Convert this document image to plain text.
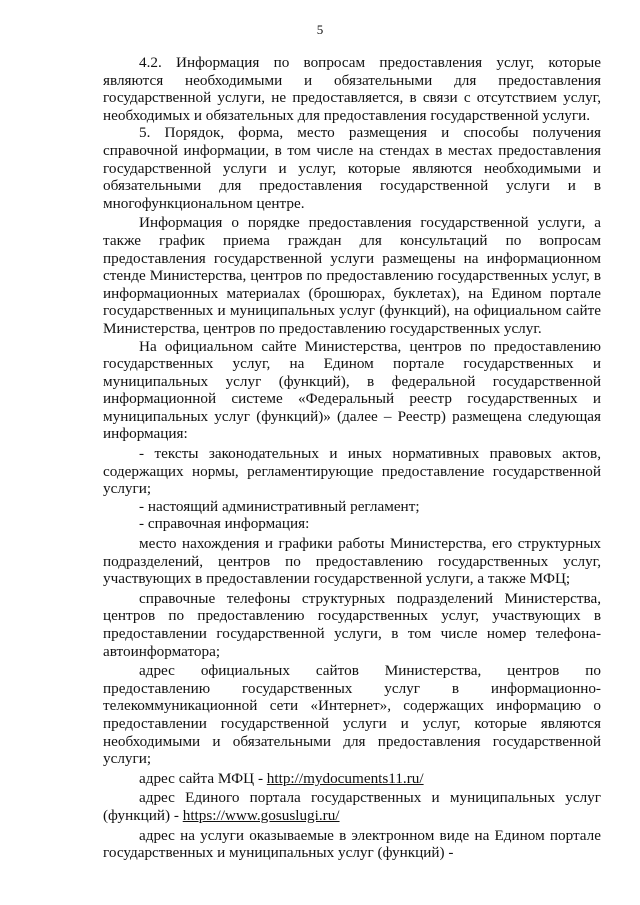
5

4.2. Информация по вопросам предоставления услуг, которые являются необходимыми и обязательными для предоставления государственной услуги, не предоставляется, в связи с отсутствием услуг, необходимых и обязательных для предоставления государственной услуги.

5. Порядок, форма, место размещения и способы получения справочной информации, в том числе на стендах в местах предоставления государственной услуги и услуг, которые являются необходимыми и обязательными для предоставления государственной услуги и в многофункциональном центре.

Информация о порядке предоставления государственной услуги, а также график приема граждан для консультаций по вопросам предоставления государственной услуги размещены на информационном стенде Министерства, центров по предоставлению государственных услуг, в информационных материалах (брошюрах, буклетах), на Едином портале государственных и муниципальных услуг (функций), на официальном сайте Министерства, центров по предоставлению государственных услуг.

На официальном сайте Министерства, центров по предоставлению государственных услуг, на Едином портале государственных и муниципальных услуг (функций), в федеральной государственной информационной системе «Федеральный реестр государственных и муниципальных услуг (функций)» (далее – Реестр) размещена следующая информация:

- тексты законодательных и иных нормативных правовых актов, содержащих нормы, регламентирующие предоставление государственной услуги;

- настоящий административный регламент;

- справочная информация:

место нахождения и графики работы Министерства, его структурных подразделений, центров по предоставлению государственных услуг, участвующих в предоставлении государственной услуги, а также МФЦ;

справочные телефоны структурных подразделений Министерства, центров по предоставлению государственных услуг, участвующих в предоставлении государственной услуги, в том числе номер телефона-автоинформатора;

адрес официальных сайтов Министерства, центров по предоставлению государственных услуг в информационно-телекоммуникационной сети «Интернет», содержащих информацию о предоставлении государственной услуги и услуг, которые являются необходимыми и обязательными для предоставления государственной услуги;

адрес сайта МФЦ - http://mydocuments11.ru/

адрес Единого портала государственных и муниципальных услуг (функций) - https://www.gosuslugi.ru/

адрес на услуги оказываемые в электронном виде на Едином портале государственных и муниципальных услуг (функций) -
